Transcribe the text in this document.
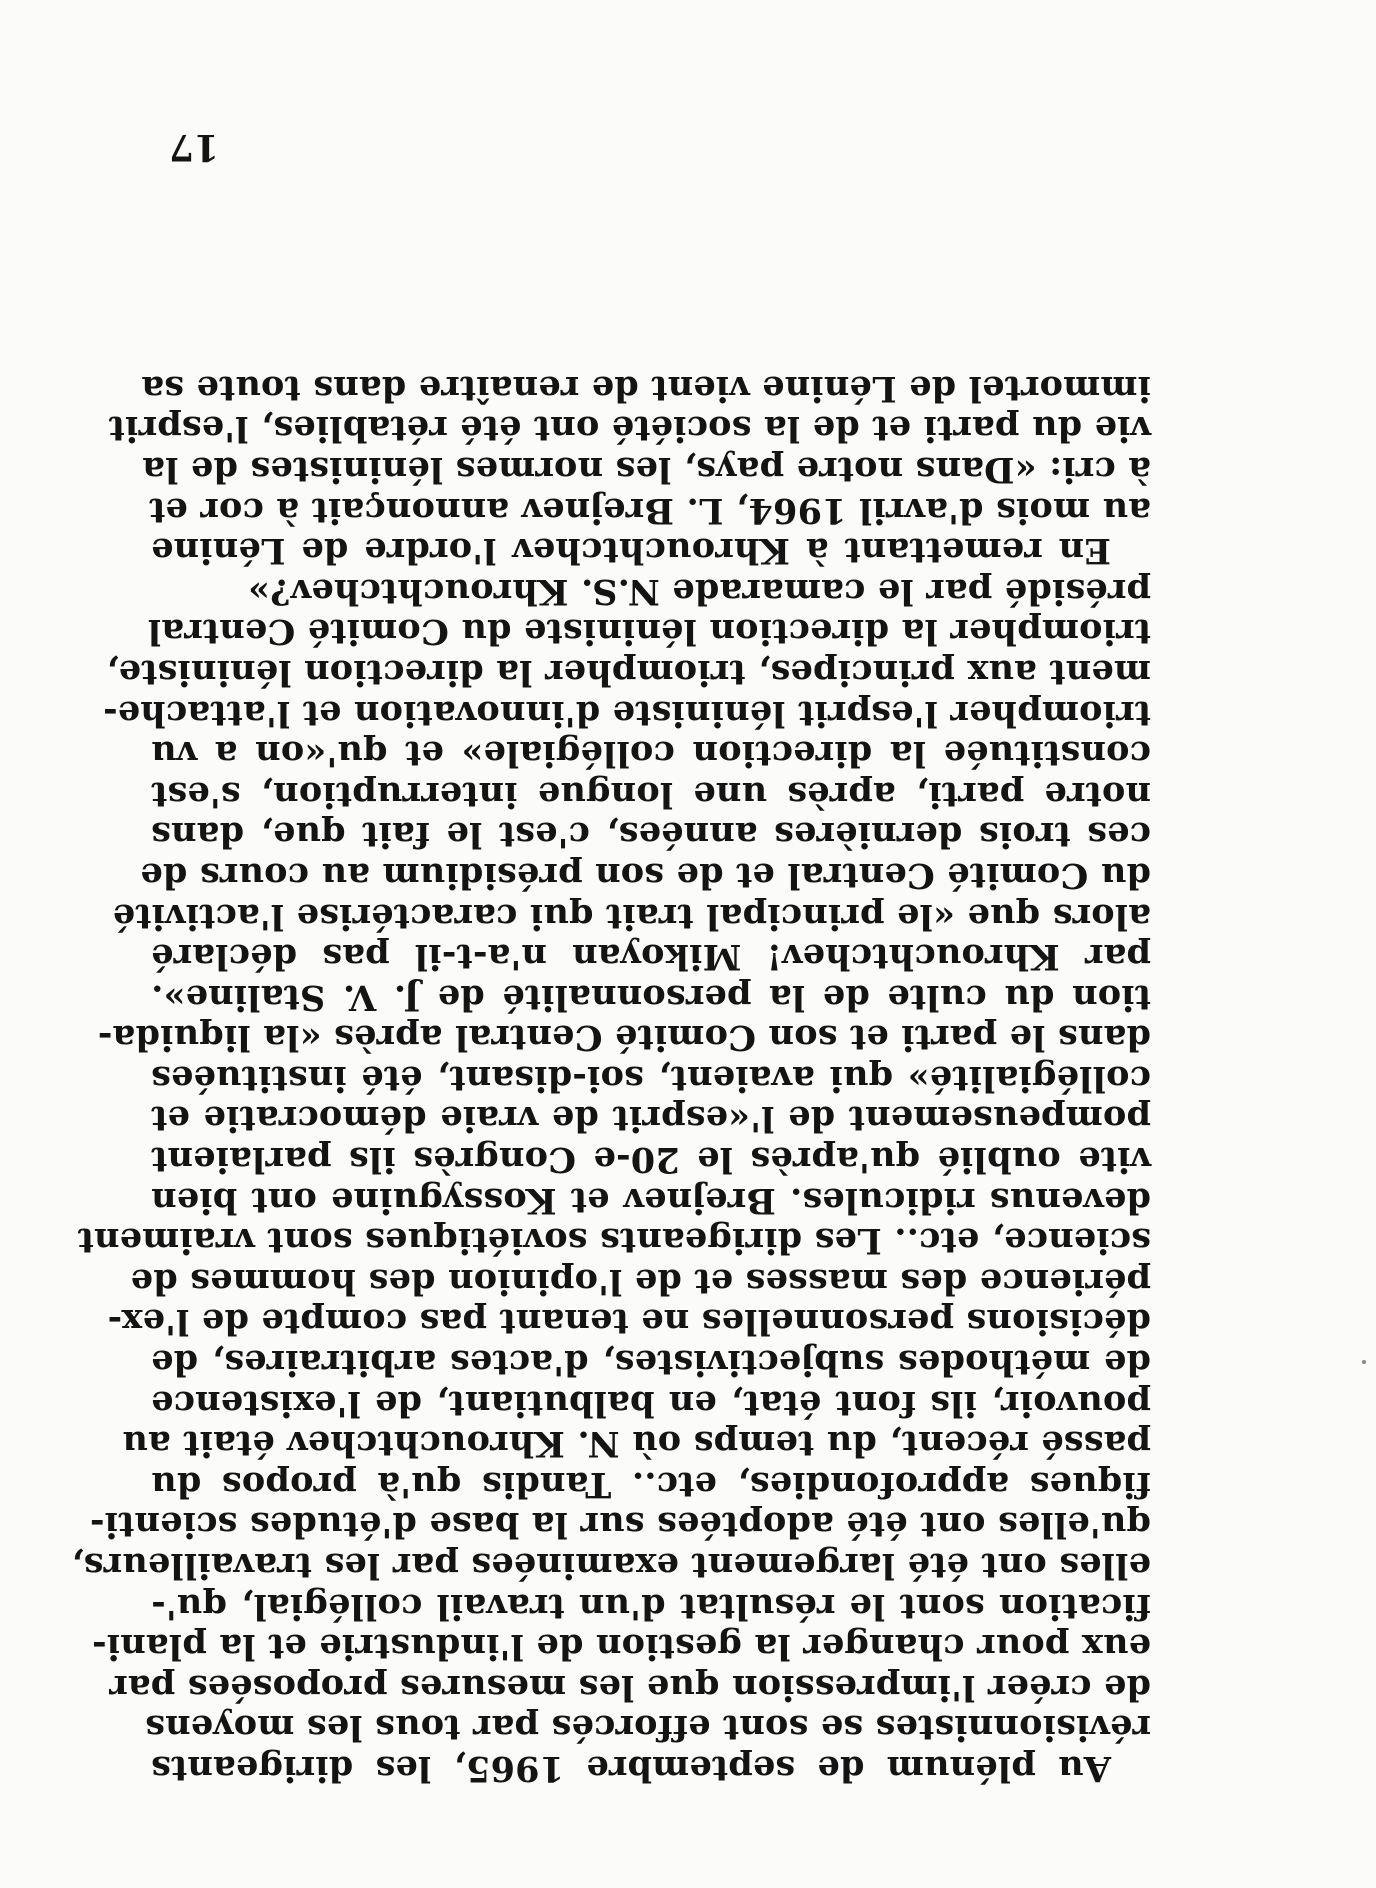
Au plénum de septembre 1965, les dirigeants
révisionnistes se sont efforcés par tous les moyens
de créer l'impression que les mesures proposées par
eux pour changer la gestion de l'industrie et la plani-
fication sont le résultat d'un travail collégial, qu'-
elles ont été largement examinées par les travailleurs,
qu'elles ont été adoptées sur la base d'études scienti-
fiques approfondies, etc.. Tandis qu'à propos du
passé récent, du temps où N. Khrouchtchev était au
pouvoir, ils font état, en balbutiant, de l'existence
de méthodes subjectivistes, d'actes arbitraires, de
décisions personnelles ne tenant pas compte de l'ex-
périence des masses et de l'opinion des hommes de
science, etc.. Les dirigeants soviétiques sont vraiment
devenus ridicules. Brejnev et Kossyguine ont bien
vite oublié qu'après le 20-e Congrès ils parlaient
pompeusement de l'«esprit de vraie démocratie et
collégialité» qui avaient, soi-disant, été instituées
dans le parti et son Comité Central après «la liquida-
tion du culte de la personnalité de J. V. Staline».
par Khrouchtchev! Mikoyan n'a-t-il pas déclaré
alors que «le principal trait qui caractérise l'activité
du Comité Central et de son présidium au cours de
ces trois dernières années, c'est le fait que, dans
notre parti, après une longue interruption, s'est
constituée la direction collégiale» et qu'«on a vu
triompher l'esprit léniniste d'innovation et l'attache-
ment aux principes, triompher la direction léniniste,
triompher la direction léniniste du Comité Central
présidé par le camarade N.S. Khrouchtchev?»
En remettant à Khrouchtchev l'ordre de Lénine
au mois d'avril 1964, L. Brejnev annonçait à cor et
à cri: «Dans notre pays, les normes léninistes de la
vie du parti et de la société ont été rétablies, l'esprit
immortel de Lénine vient de renaître dans toute sa
17
